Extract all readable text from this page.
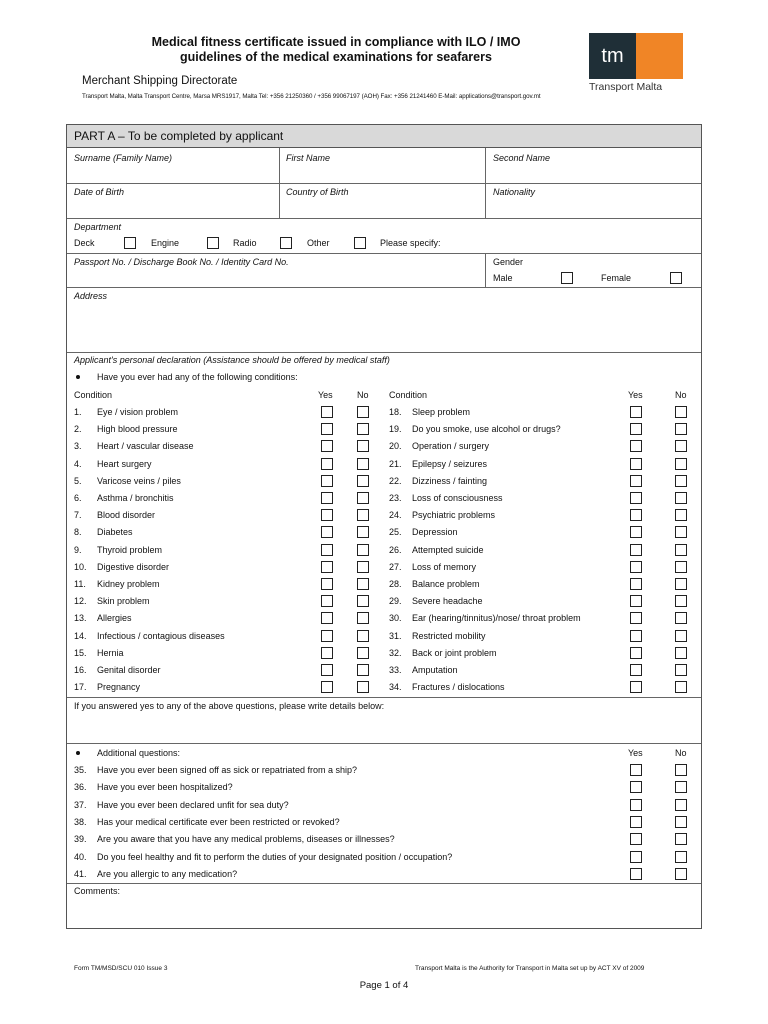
Medical fitness certificate issued in compliance with ILO / IMO
guidelines of the medical examinations for seafarers
Merchant Shipping Directorate
Transport Malta, Malta Transport Centre, Marsa MRS1917, Malta Tel: +356 21250360 / +356 99067197 (AOH) Fax: +356 21241460 E-Mail: applications@transport.gov.mt
tm
Transport Malta
PART A – To be completed by applicant
Surname (Family Name)	First Name	Second Name
Date of Birth	Country of Birth	Nationality
Department
Deck	Engine	Radio	Other	Please specify:
Passport No. / Discharge Book No. / Identity Card No.	Gender
Male	Female
Address
Applicant's personal declaration (Assistance should be offered by medical staff)
Have you ever had any of the following conditions:
Condition	Yes	No Condition	Yes	No
1. Eye / vision problem
2. High blood pressure
3. Heart / vascular disease
4. Heart surgery
5. Varicose veins / piles
6. Asthma / bronchitis
7. Blood disorder
8. Diabetes
9. Thyroid problem
10. Digestive disorder
11. Kidney problem
12. Skin problem
13. Allergies
14. Infectious / contagious diseases
15. Hernia
16. Genital disorder
17. Pregnancy
18. Sleep problem
19. Do you smoke, use alcohol or drugs?
20. Operation / surgery
21. Epilepsy / seizures
22. Dizziness / fainting
23. Loss of consciousness
24. Psychiatric problems
25. Depression
26. Attempted suicide
27. Loss of memory
28. Balance problem
29. Severe headache
30. Ear (hearing/tinnitus)/nose/ throat problem
31. Restricted mobility
32. Back or joint problem
33. Amputation
34. Fractures / dislocations
If you answered yes to any of the above questions, please write details below:
Additional questions:	Yes	No
35. Have you ever been signed off as sick or repatriated from a ship?
36. Have you ever been hospitalized?
37. Have you ever been declared unfit for sea duty?
38. Has your medical certificate ever been restricted or revoked?
39. Are you aware that you have any medical problems, diseases or illnesses?
40. Do you feel healthy and fit to perform the duties of your designated position / occupation?
41. Are you allergic to any medication?
Comments:
Form TM/MSD/SCU 010 Issue 3	Transport Malta is the Authority for Transport in Malta set up by ACT XV of 2009
Page 1 of 4
